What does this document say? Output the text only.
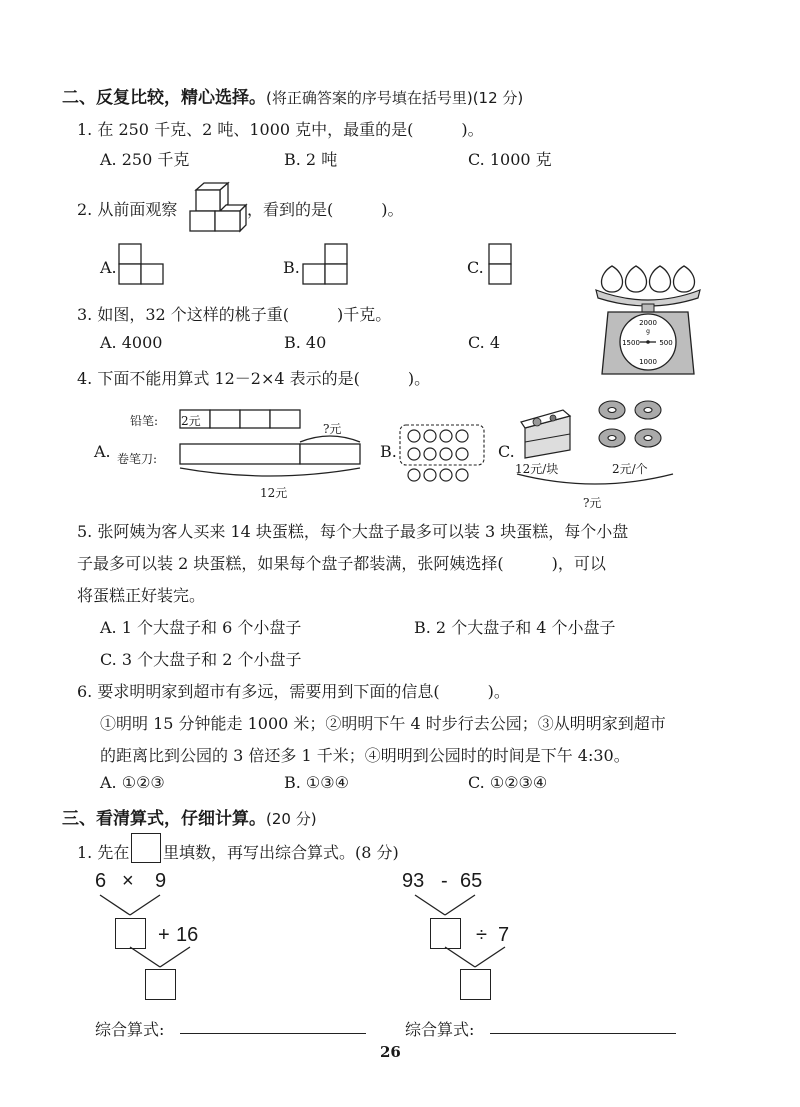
二、反复比较，精心选择。(将正确答案的序号填在括号里)(12 分)
1. 在 250 千克、2 吨、1000 克中，最重的是(　　　)。
A. 250 千克	B. 2 吨	C. 1000 克
2. 从前面观察	，看到的是(　　　)。
A.	B.	C.
3. 如图，32 个这样的桃子重(　　　)千克。
A. 4000	B. 40	C. 4
2000
g
1500	500
1000
4. 下面不能用算式 12－2×4 表示的是(　　　)。
A.
铅笔:
卷笔刀:
2元
?元
12元
B.	C.
12元/块	2元/个
?元
5. 张阿姨为客人买来 14 块蛋糕，每个大盘子最多可以装 3 块蛋糕，每个小盘
子最多可以装 2 块蛋糕，如果每个盘子都装满，张阿姨选择(　　　)，可以
将蛋糕正好装完。
A. 1 个大盘子和 6 个小盘子	B. 2 个大盘子和 4 个小盘子
C. 3 个大盘子和 2 个小盘子
6. 要求明明家到超市有多远，需要用到下面的信息(　　　)。
①明明 15 分钟能走 1000 米；②明明下午 4 时步行去公园；③从明明家到超市
的距离比到公园的 3 倍还多 1 千米；④明明到公园时的时间是下午 4:30。
A. ①②③	B. ①③④	C. ①②③④
三、看清算式，仔细计算。(20 分)
1. 先在 里填数，再写出综合算式。(8 分)
6 × 9
+ 16
综合算式:
93 - 65
÷ 7
综合算式:
26
